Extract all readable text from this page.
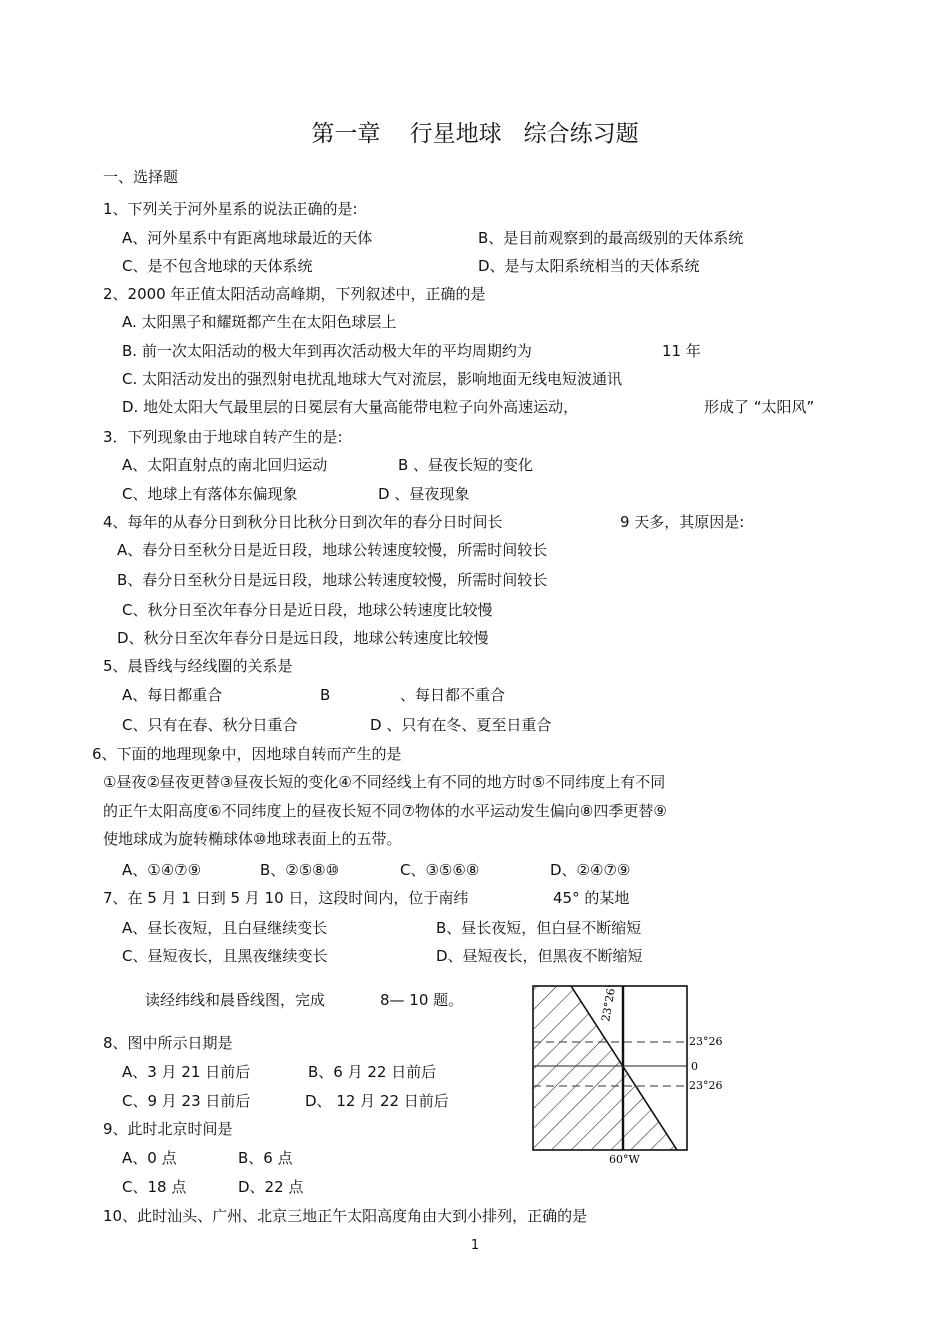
第一章    行星地球   综合练习题
一、选择题
1、下列关于河外星系的说法正确的是:
A、河外星系中有距离地球最近的天体	B、是目前观察到的最高级别的天体系统
C、是不包含地球的天体系统	D、是与太阳系统相当的天体系统
2、2000 年正值太阳活动高峰期，下列叙述中，正确的是
A. 太阳黑子和耀斑都产生在太阳色球层上
B. 前一次太阳活动的极大年到再次活动极大年的平均周期约为	11 年
C. 太阳活动发出的强烈射电扰乱地球大气对流层，影响地面无线电短波通讯
D. 地处太阳大气最里层的日冕层有大量高能带电粒子向外高速运动，	形成了 “太阳风”
3．下列现象由于地球自转产生的是:
A、太阳直射点的南北回归运动	B 、昼夜长短的变化
C、地球上有落体东偏现象	D 、昼夜现象
4、每年的从春分日到秋分日比秋分日到次年的春分日时间长	9 天多，其原因是:
A、春分日至秋分日是近日段，地球公转速度较慢，所需时间较长
B、春分日至秋分日是远日段，地球公转速度较慢，所需时间较长
C、秋分日至次年春分日是近日段，地球公转速度比较慢
D、秋分日至次年春分日是远日段，地球公转速度比较慢
5、晨昏线与经线圈的关系是
A、每日都重合	B	、每日都不重合
C、只有在春、秋分日重合	D 、只有在冬、夏至日重合
6、下面的地理现象中，因地球自转而产生的是
①昼夜②昼夜更替③昼夜长短的变化④不同经线上有不同的地方时⑤不同纬度上有不同
的正午太阳高度⑥不同纬度上的昼夜长短不同⑦物体的水平运动发生偏向⑧四季更替⑨
使地球成为旋转椭球体⑩地球表面上的五带。
A、①④⑦⑨	B、②⑤⑧⑩	C、③⑤⑥⑧	D、②④⑦⑨
7、在 5 月 1 日到 5 月 10 日，这段时间内，位于南纬	45° 的某地
A、昼长夜短，且白昼继续变长	B、昼长夜短，但白昼不断缩短
C、昼短夜长，且黑夜继续变长	D、昼短夜长，但黑夜不断缩短
读经纬线和晨昏线图，完成	8— 10 题。
8、图中所示日期是
A、3 月 21 日前后	B、6 月 22 日前后
C、9 月 23 日前后	D、 12 月 22 日前后
9、此时北京时间是
A、0 点	B、6 点
C、18 点	D、22 点
10、此时汕头、广州、北京三地正午太阳高度角由大到小排列，正确的是
23°26'
23°26
0
23°26
60°W
1
